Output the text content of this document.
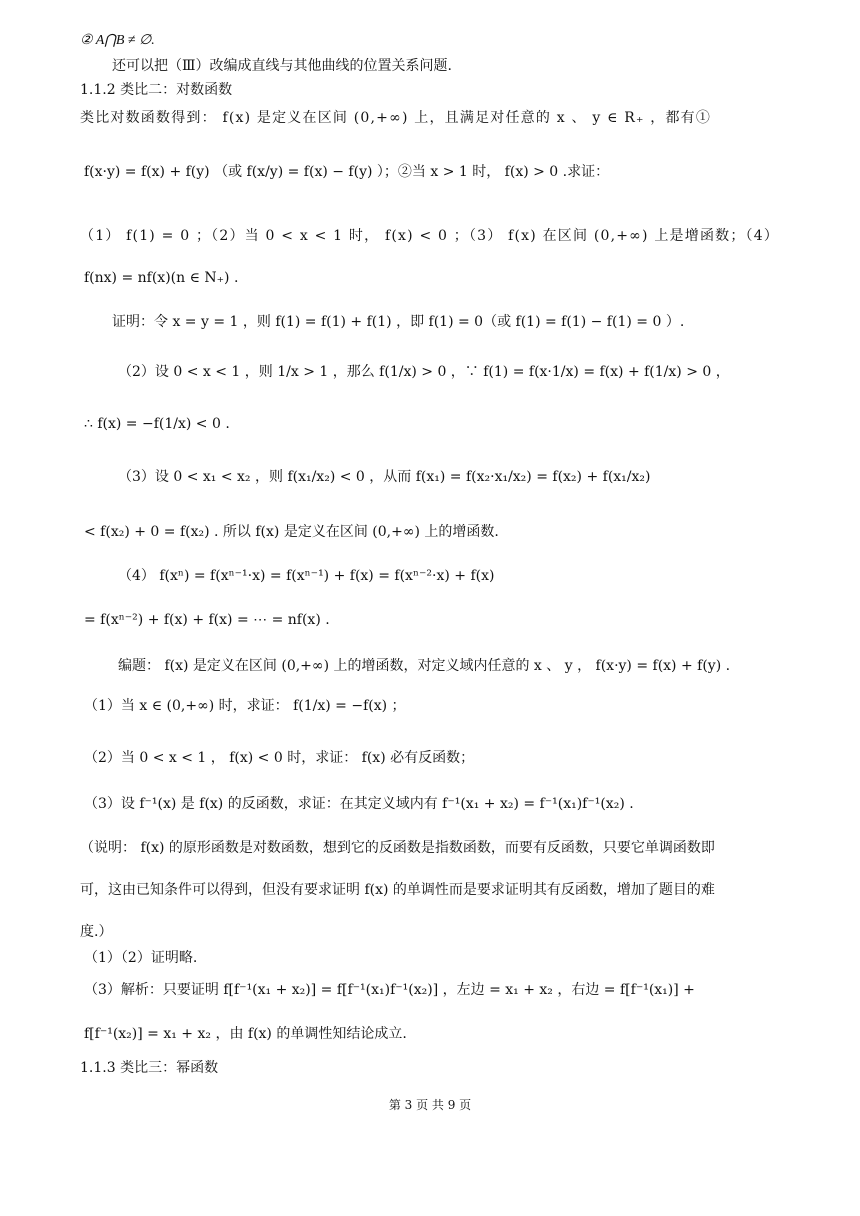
② A⋂B ≠ ∅.
还可以把（Ⅲ）改编成直线与其他曲线的位置关系问题.
1.1.2 类比二：对数函数
类比对数函数得到： f(x) 是定义在区间 (0,+∞) 上，且满足对任意的 x 、 y ∈ R₊ ，都有①
f(x·y) = f(x) + f(y) （或 f(x/y) = f(x) − f(y) ）；②当 x > 1 时， f(x) > 0 .求证：
（1） f(1) = 0 ；（2）当 0 < x < 1 时， f(x) < 0 ；（3） f(x) 在区间 (0,+∞) 上是增函数；（4）
f(nx) = nf(x)(n ∈ N₊) .
证明：令 x = y = 1 ，则 f(1) = f(1) + f(1) ，即 f(1) = 0（或 f(1) = f(1) − f(1) = 0 ）.
（2）设 0 < x < 1 ，则 1/x > 1 ，那么 f(1/x) > 0 ，∵ f(1) = f(x·1/x) = f(x) + f(1/x) > 0 ，
∴ f(x) = −f(1/x) < 0 .
（3）设 0 < x₁ < x₂ ，则 f(x₁/x₂) < 0 ，从而 f(x₁) = f(x₂·x₁/x₂) = f(x₂) + f(x₁/x₂)
< f(x₂) + 0 = f(x₂) . 所以 f(x) 是定义在区间 (0,+∞) 上的增函数.
（4） f(xⁿ) = f(xⁿ⁻¹·x) = f(xⁿ⁻¹) + f(x) = f(xⁿ⁻²·x) + f(x)
= f(xⁿ⁻²) + f(x) + f(x) = ⋯ = nf(x) .
编题： f(x) 是定义在区间 (0,+∞) 上的增函数，对定义域内任意的 x 、 y ， f(x·y) = f(x) + f(y) .
（1）当 x ∈ (0,+∞) 时，求证： f(1/x) = −f(x) ；
（2）当 0 < x < 1 ， f(x) < 0 时，求证： f(x) 必有反函数；
（3）设 f⁻¹(x) 是 f(x) 的反函数，求证：在其定义域内有 f⁻¹(x₁ + x₂) = f⁻¹(x₁)f⁻¹(x₂) .
（说明： f(x) 的原形函数是对数函数，想到它的反函数是指数函数，而要有反函数，只要它单调函数即
可，这由已知条件可以得到，但没有要求证明 f(x) 的单调性而是要求证明其有反函数，增加了题目的难
度.）
（1）（2）证明略.
（3）解析：只要证明 f[f⁻¹(x₁ + x₂)] = f[f⁻¹(x₁)f⁻¹(x₂)] ，左边 = x₁ + x₂ ，右边 = f[f⁻¹(x₁)] +
f[f⁻¹(x₂)] = x₁ + x₂ ，由 f(x) 的单调性知结论成立.
1.1.3 类比三：幂函数
第 3 页 共 9 页
